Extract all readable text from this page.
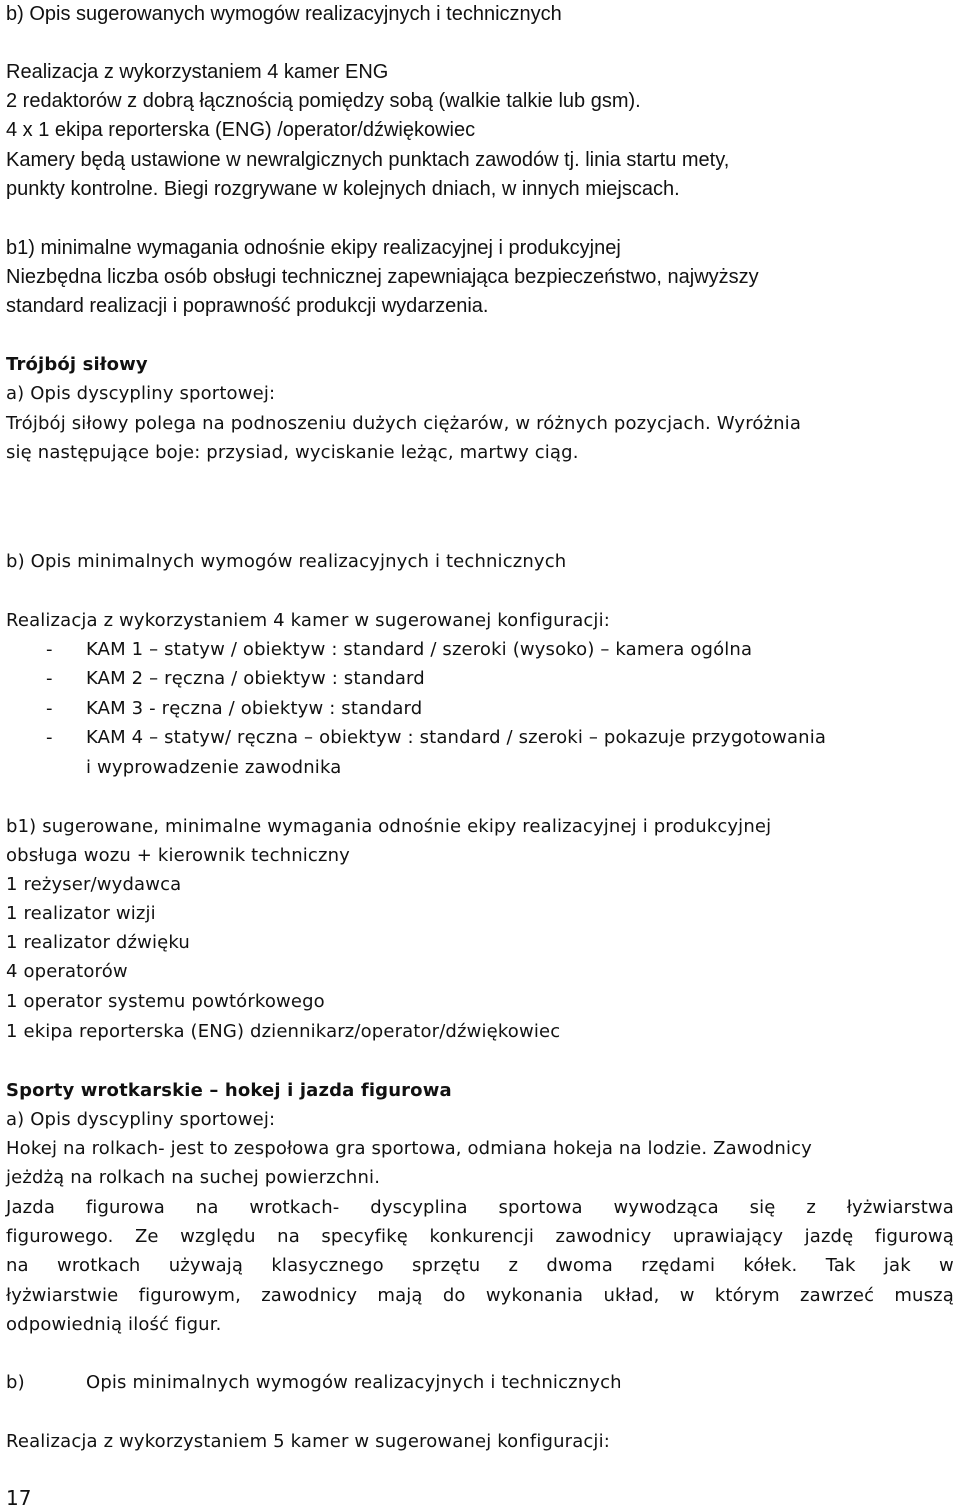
b) Opis sugerowanych wymogów realizacyjnych i technicznych
Realizacja z wykorzystaniem 4 kamer ENG
2 redaktorów z dobrą łącznością pomiędzy sobą (walkie talkie lub gsm).
4 x 1 ekipa reporterska (ENG) /operator/dźwiękowiec
Kamery będą ustawione w newralgicznych punktach zawodów tj. linia startu mety,
punkty kontrolne. Biegi rozgrywane w kolejnych dniach, w innych miejscach.
b1) minimalne wymagania odnośnie ekipy realizacyjnej i produkcyjnej
Niezbędna liczba osób obsługi technicznej zapewniająca bezpieczeństwo, najwyższy
standard realizacji i poprawność produkcji wydarzenia.
Trójbój siłowy
a) Opis dyscypliny sportowej:
Trójbój siłowy polega na podnoszeniu dużych ciężarów, w różnych pozycjach. Wyróżnia
się następujące boje: przysiad, wyciskanie leżąc, martwy ciąg.
b) Opis minimalnych wymogów realizacyjnych i technicznych
Realizacja z wykorzystaniem 4 kamer w sugerowanej konfiguracji:
- KAM 1 – statyw / obiektyw : standard / szeroki (wysoko) – kamera ogólna
- KAM 2 – ręczna / obiektyw : standard
- KAM 3 - ręczna / obiektyw : standard
- KAM 4 – statyw/ ręczna – obiektyw : standard / szeroki – pokazuje przygotowania
i wyprowadzenie zawodnika
b1) sugerowane, minimalne wymagania odnośnie ekipy realizacyjnej i produkcyjnej
obsługa wozu + kierownik techniczny
1 reżyser/wydawca
1 realizator wizji
1 realizator dźwięku
4 operatorów
1 operator systemu powtórkowego
1 ekipa reporterska (ENG) dziennikarz/operator/dźwiękowiec
Sporty wrotkarskie – hokej i jazda figurowa
a) Opis dyscypliny sportowej:
Hokej na rolkach- jest to zespołowa gra sportowa, odmiana hokeja na lodzie. Zawodnicy
jeżdżą na rolkach na suchej powierzchni.
Jazda figurowa na wrotkach- dyscyplina sportowa wywodząca się z łyżwiarstwa
figurowego. Ze względu na specyfikę konkurencji zawodnicy uprawiający jazdę figurową
na wrotkach używają klasycznego sprzętu z dwoma rzędami kółek. Tak jak w
łyżwiarstwie figurowym, zawodnicy mają do wykonania układ, w którym zawrzeć muszą
odpowiednią ilość figur.
b)	Opis minimalnych wymogów realizacyjnych i technicznych
Realizacja z wykorzystaniem 5 kamer w sugerowanej konfiguracji:
17
